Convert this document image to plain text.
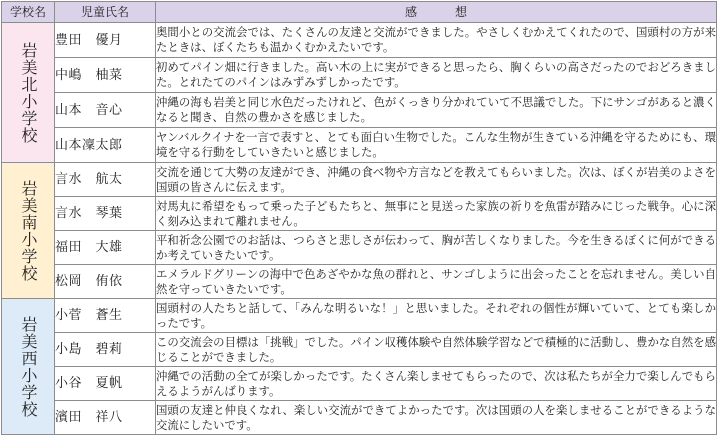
学校名	児童氏名	感想
岩美北小学校	豊田　優月	奥間小との交流会では、たくさんの友達と交流ができました。やさしくむかえてくれたので、国頭村の方が来たときは、ぼくたちも温かくむかえたいです。
	中嶋　柚菜	初めてパイン畑に行きました。高い木の上に実ができると思ったら、胸くらいの高さだったのでおどろきました。とれたてのパインはみずみずしかったです。
	山本　音心	沖縄の海も岩美と同じ水色だったけれど、色がくっきり分かれていて不思議でした。下にサンゴがあると濃くなると聞き、自然の豊かさを感じました。
	山本凜太郎	ヤンバルクイナを一言で表すと、とても面白い生物でした。こんな生物が生きている沖縄を守るためにも、環境を守る行動をしていきたいと感じました。
岩美南小学校	言水　航太	交流を通じて大勢の友達ができ、沖縄の食べ物や方言などを教えてもらいました。次は、ぼくが岩美のよさを国頭の皆さんに伝えます。
	言水　琴葉	対馬丸に希望をもって乗った子どもたちと、無事にと見送った家族の祈りを魚雷が踏みにじった戦争。心に深く刻み込まれて離れません。
	福田　大雄	平和祈念公園でのお話は、つらさと悲しさが伝わって、胸が苦しくなりました。今を生きるぼくに何ができるか考えていきたいです。
	松岡　侑依	エメラルドグリーンの海中で色あざやかな魚の群れと、サンゴしように出会ったことを忘れません。美しい自然を守っていきたいです。
岩美西小学校	小菅　蒼生	国頭村の人たちと話して、「みんな明るいな！」と思いました。それぞれの個性が輝いていて、とても楽しかったです。
	小島　碧莉	この交流会の目標は「挑戦」でした。パイン収穫体験や自然体験学習などで積極的に活動し、豊かな自然を感じることができました。
	小谷　夏帆	沖縄での活動の全てが楽しかったです。たくさん楽しませてもらったので、次は私たちが全力で楽しんでもらえるようがんばります。
	濱田　祥八	国頭の友達と仲良くなれ、楽しい交流ができてよかったです。次は国頭の人を楽しませることができるような交流にしたいです。
